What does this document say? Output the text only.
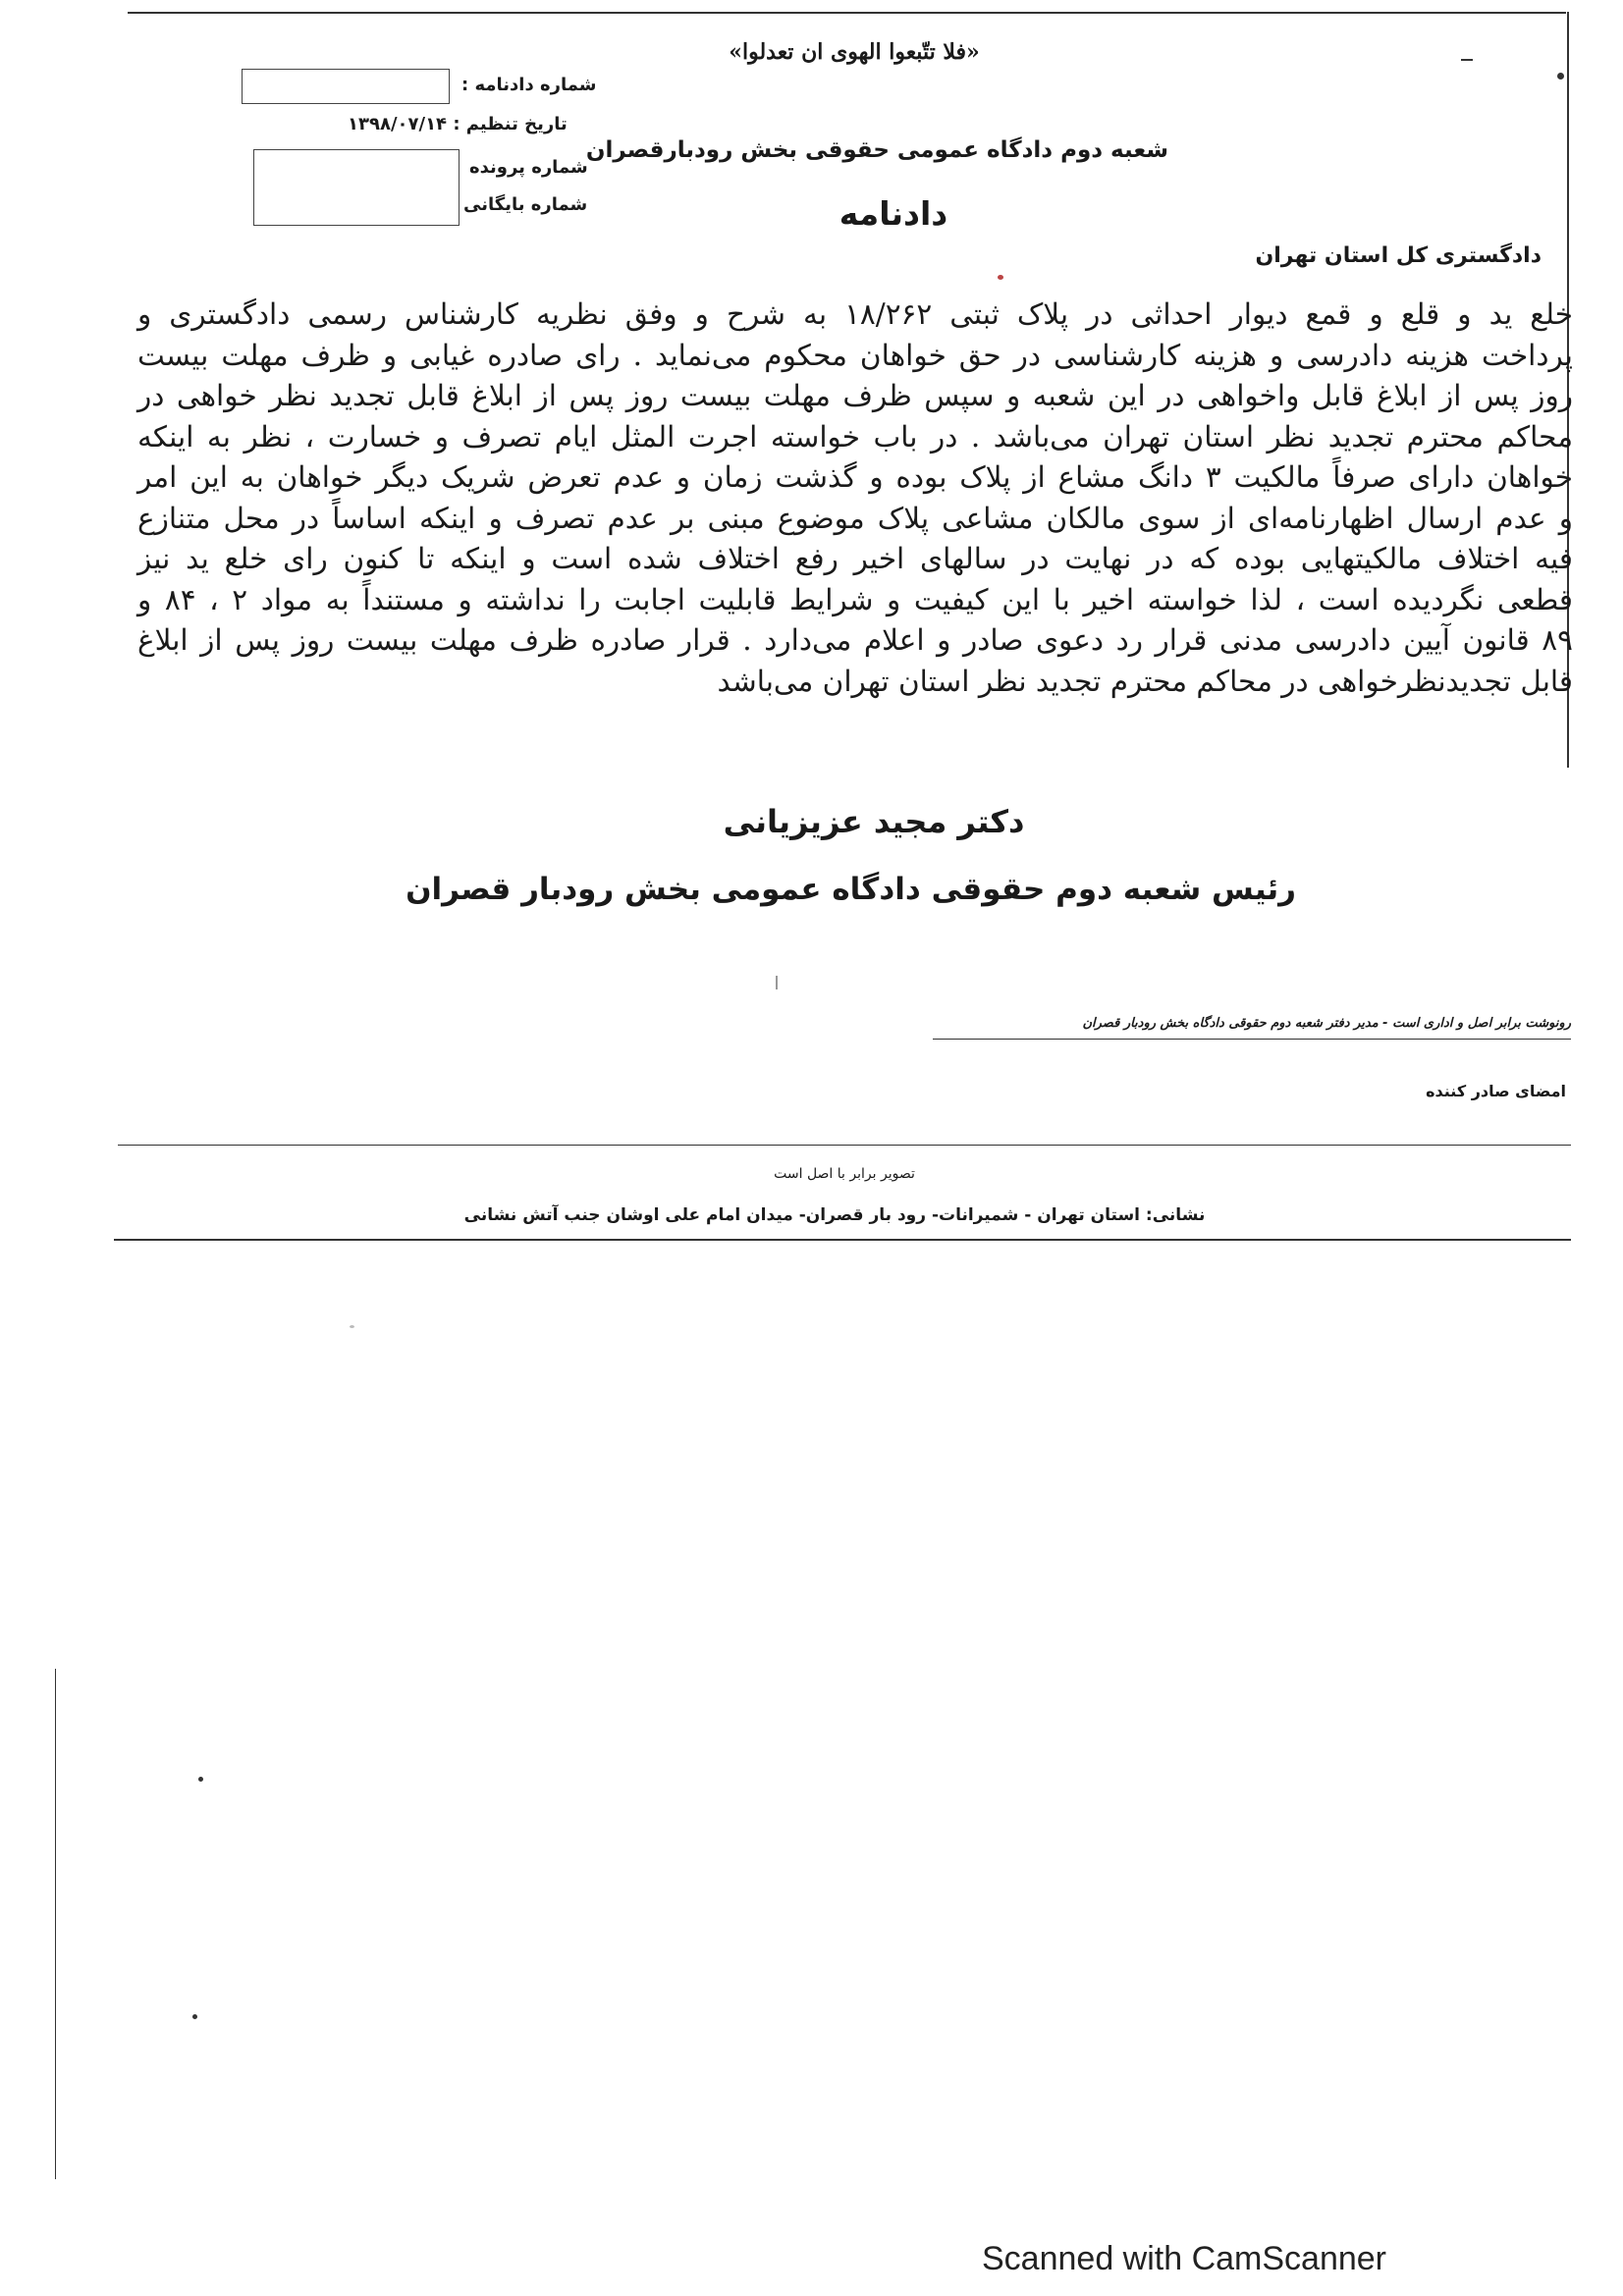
«فلا تتّبعوا الهوی ان تعدلوا»
شعبه دوم دادگاه عمومی حقوقی بخش رودبارقصران
دادنامه
دادگستری کل استان تهران
شماره دادنامه :
تاریخ تنظیم : ۱۳۹۸/۰۷/۱۴
شماره پرونده
شماره بایگانی
خلع ید و قلع و قمع دیوار احداثی در پلاک ثبتی ۱۸/۲۶۲ به شرح و وفق نظریه کارشناس رسمی دادگستری و
پرداخت هزینه دادرسی و هزینه کارشناسی در حق خواهان محکوم می‌نماید . رای صادره غیابی و ظرف مهلت بیست
روز پس از ابلاغ قابل واخواهی در این شعبه و سپس ظرف مهلت بیست روز پس از ابلاغ قابل تجدید نظر خواهی در
محاکم محترم تجدید نظر استان تهران می‌باشد . در باب خواسته اجرت المثل ایام تصرف و خسارت ، نظر به اینکه
خواهان دارای صرفاً مالکیت ۳ دانگ مشاع از پلاک بوده و گذشت زمان و عدم تعرض شریک دیگر خواهان به این امر
و عدم ارسال اظهارنامه‌ای از سوی مالکان مشاعی پلاک موضوع مبنی بر عدم تصرف و اینکه اساساً در محل متنازع
فیه اختلاف مالکیتهایی بوده که در نهایت در سالهای اخیر رفع اختلاف شده است و اینکه تا کنون رای خلع ید نیز
قطعی نگردیده است ، لذا خواسته اخیر با این کیفیت و شرایط قابلیت اجابت را نداشته و مستنداً به مواد ۲ ، ۸۴ و
۸۹ قانون آیین دادرسی مدنی قرار رد دعوی صادر و اعلام می‌دارد . قرار صادره ظرف مهلت بیست روز پس از ابلاغ
قابل تجدیدنظرخواهی در محاکم محترم تجدید نظر استان تهران می‌باشد
دکتر مجید عزیزیانی
رئیس شعبه دوم حقوقی دادگاه عمومی بخش رودبار قصران
رونوشت برابر اصل و اداری است - مدیر دفتر شعبه دوم حقوقی دادگاه بخش رودبار قصران
امضای صادر کننده
تصویر برابر با اصل است
نشانی: استان تهران - شمیرانات- رود بار قصران- میدان امام علی اوشان جنب آتش نشانی
Scanned with CamScanner
